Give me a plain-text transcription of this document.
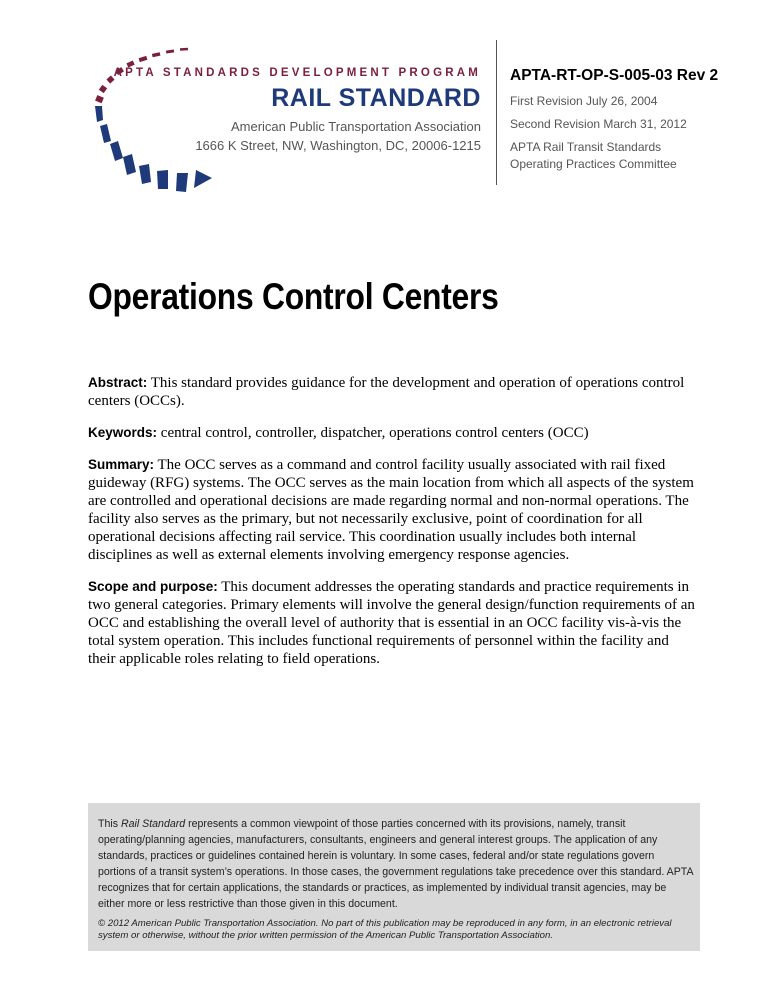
APTA STANDARDS DEVELOPMENT PROGRAM
RAIL STANDARD
American Public Transportation Association
1666 K Street, NW, Washington, DC, 20006-1215
APTA-RT-OP-S-005-03 Rev 2
First Revision July 26, 2004
Second Revision March 31, 2012
APTA Rail Transit Standards Operating Practices Committee
Operations Control Centers

Abstract: This standard provides guidance for the development and operation of operations control centers (OCCs).

Keywords: central control, controller, dispatcher, operations control centers (OCC)

Summary: The OCC serves as a command and control facility usually associated with rail fixed guideway (RFG) systems. The OCC serves as the main location from which all aspects of the system are controlled and operational decisions are made regarding normal and non-normal operations. The facility also serves as the primary, but not necessarily exclusive, point of coordination for all operational decisions affecting rail service. This coordination usually includes both internal disciplines as well as external elements involving emergency response agencies.

Scope and purpose: This document addresses the operating standards and practice requirements in two general categories. Primary elements will involve the general design/function requirements of an OCC and establishing the overall level of authority that is essential in an OCC facility vis-à-vis the total system operation. This includes functional requirements of personnel within the facility and their applicable roles relating to field operations.

This Rail Standard represents a common viewpoint of those parties concerned with its provisions, namely, transit operating/planning agencies, manufacturers, consultants, engineers and general interest groups. The application of any standards, practices or guidelines contained herein is voluntary. In some cases, federal and/or state regulations govern portions of a transit system’s operations. In those cases, the government regulations take precedence over this standard. APTA recognizes that for certain applications, the standards or practices, as implemented by individual transit agencies, may be either more or less restrictive than those given in this document.
© 2012 American Public Transportation Association. No part of this publication may be reproduced in any form, in an electronic retrieval system or otherwise, without the prior written permission of the American Public Transportation Association.
